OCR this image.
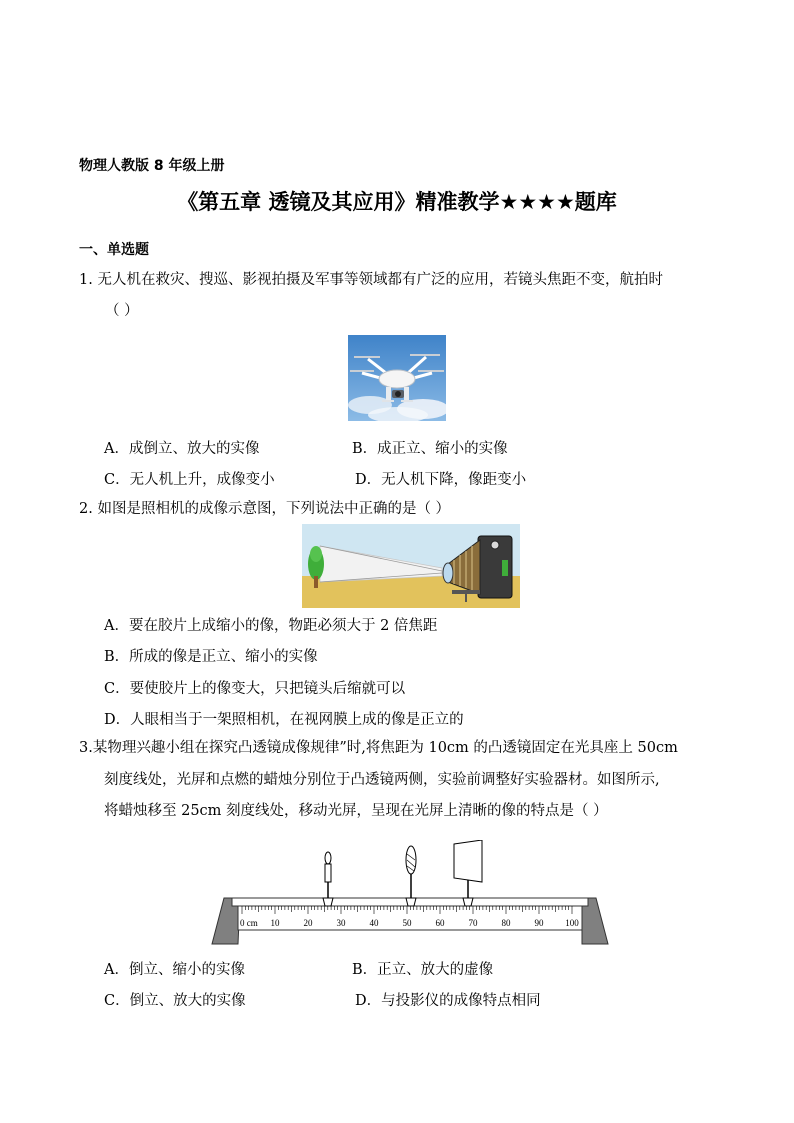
物理人教版 8 年级上册
《第五章 透镜及其应用》精准教学★★★★题库
一、单选题
1. 无人机在救灾、搜巡、影视拍摄及军事等领域都有广泛的应用，若镜头焦距不变，航拍时
（ ）
A．成倒立、放大的实像	B．成正立、缩小的实像
C．无人机上升，成像变小	D．无人机下降，像距变小
2. 如图是照相机的成像示意图，下列说法中正确的是（ ）
A．要在胶片上成缩小的像，物距必须大于 2 倍焦距
B．所成的像是正立、缩小的实像
C．要使胶片上的像变大，只把镜头后缩就可以
D．人眼相当于一架照相机，在视网膜上成的像是正立的
3.某物理兴趣小组在探究凸透镜成像规律”时,将焦距为 10cm 的凸透镜固定在光具座上 50cm
刻度线处，光屏和点燃的蜡烛分别位于凸透镜两侧，实验前调整好实验器材。如图所示,
将蜡烛移至 25cm 刻度线处，移动光屏，呈现在光屏上清晰的像的特点是（ ）
0 cm 10	20	30	40	50	60	70	80	90 100
A．倒立、缩小的实像	B．正立、放大的虚像
C．倒立、放大的实像	D．与投影仪的成像特点相同
